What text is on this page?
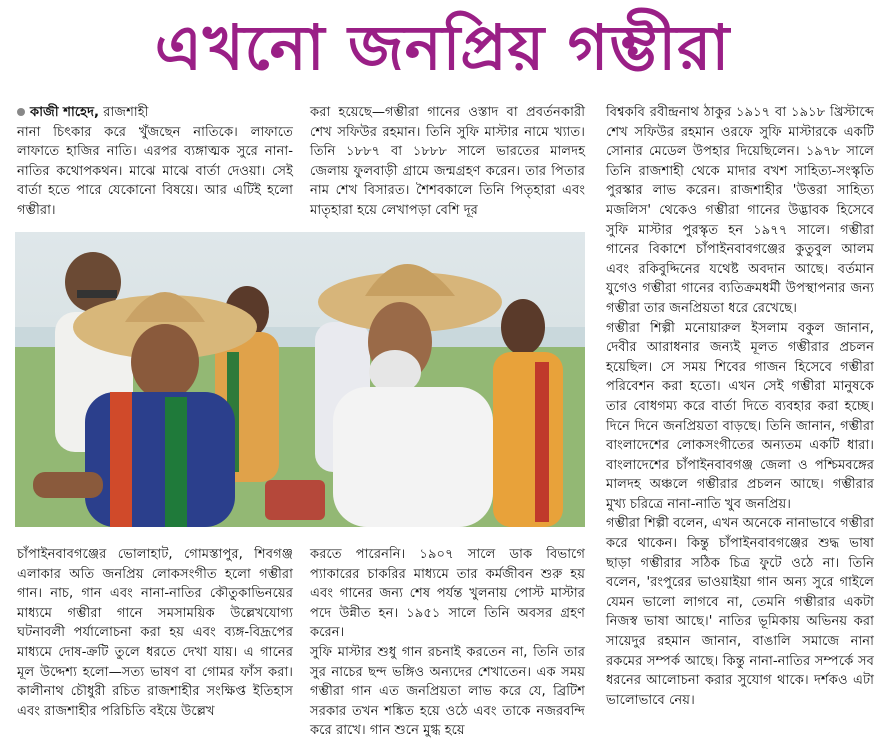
এখনো জনপ্রিয় গম্ভীরা

কাজী শাহেদ, রাজশাহী

নানা চিৎকার করে খুঁজছেন নাতিকে। লাফাতে লাফাতে হাজির নাতি। এরপর ব্যঙ্গাত্মক সুরে নানা-নাতির কথোপকথন। মাঝে মাঝে বার্তা দেওয়া। সেই বার্তা হতে পারে যেকোনো বিষয়ে। আর এটিই হলো গম্ভীরা।

করা হয়েছে—গম্ভীরা গানের ওস্তাদ বা প্রবর্তনকারী শেখ সফিউর রহমান। তিনি সুফি মাস্টার নামে খ্যাত। তিনি ১৮৮৭ বা ১৮৮৮ সালে ভারতের মালদহ জেলায় ফুলবাড়ী গ্রামে জন্মগ্রহণ করেন। তার পিতার নাম শেখ বিসারত। শৈশবকালে তিনি পিতৃহারা এবং মাতৃহারা হয়ে লেখাপড়া বেশি দূর

চাঁপাইনবাবগঞ্জের ভোলাহাট, গোমস্তাপুর, শিবগঞ্জ এলাকার অতি জনপ্রিয় লোকসংগীত হলো গম্ভীরা গান। নাচ, গান এবং নানা-নাতির কৌতুকাভিনয়ের মাধ্যমে গম্ভীরা গানে সমসাময়িক উল্লেখযোগ্য ঘটনাবলী পর্যালোচনা করা হয় এবং ব্যঙ্গ-বিদ্রূপের মাধ্যমে দোষ-ক্রটি তুলে ধরতে দেখা যায়। এ গানের মূল উদ্দেশ্য হলো—সত্য ভাষণ বা গোমর ফাঁস করা। কালীনাথ চৌধুরী রচিত রাজশাহীর সংক্ষিপ্ত ইতিহাস এবং রাজশাহীর পরিচিতি বইয়ে উল্লেখ

করতে পারেননি। ১৯০৭ সালে ডাক বিভাগে প্যাকারের চাকরির মাধ্যমে তার কর্মজীবন শুরু হয় এবং গানের জন্য শেষ পর্যন্ত খুলনায় পোস্ট মাস্টার পদে উন্নীত হন। ১৯৫১ সালে তিনি অবসর গ্রহণ করেন।

সুফি মাস্টার শুধু গান রচনাই করতেন না, তিনি তার সুর নাচের ছন্দ ভঙ্গিও অন্যদের শেখাতেন। এক সময় গম্ভীরা গান এত জনপ্রিয়তা লাভ করে যে, ব্রিটিশ সরকার তখন শঙ্কিত হয়ে ওঠে এবং তাকে নজরবন্দি করে রাখে। গান শুনে মুগ্ধ হয়ে

বিশ্বকবি রবীন্দ্রনাথ ঠাকুর ১৯১৭ বা ১৯১৮ খ্রিস্টাব্দে শেখ সফিউর রহমান ওরফে সুফি মাস্টারকে একটি সোনার মেডেল উপহার দিয়েছিলেন। ১৯৭৮ সালে তিনি রাজশাহী থেকে মাদার বখশ সাহিত্য-সংস্কৃতি পুরস্কার লাভ করেন। রাজশাহীর 'উত্তরা সাহিত্য মজলিস' থেকেও গম্ভীরা গানের উদ্ভাবক হিসেবে সুফি মাস্টার পুরস্কৃত হন ১৯৭৭ সালে। গম্ভীরা গানের বিকাশে চাঁপাইনবাবগঞ্জের কুতুবুল আলম এবং রকিবুদ্দিনের যথেষ্ট অবদান আছে। বর্তমান যুগেও গম্ভীরা গানের ব্যতিক্রমধর্মী উপস্থাপনার জন্য গম্ভীরা তার জনপ্রিয়তা ধরে রেখেছে।

গম্ভীরা শিল্পী মনোয়ারুল ইসলাম বকুল জানান, দেবীর আরাধনার জন্যই মূলত গম্ভীরার প্রচলন হয়েছিল। সে সময় শিবের গাজন হিসেবে গম্ভীরা পরিবেশন করা হতো। এখন সেই গম্ভীরা মানুষকে তার বোধগম্য করে বার্তা দিতে ব্যবহার করা হচ্ছে। দিনে দিনে জনপ্রিয়তা বাড়ছে। তিনি জানান, গম্ভীরা বাংলাদেশের লোকসংগীতের অন্যতম একটি ধারা। বাংলাদেশের চাঁপাইনবাবগঞ্জ জেলা ও পশ্চিমবঙ্গের মালদহ অঞ্চলে গম্ভীরার প্রচলন আছে। গম্ভীরার মুখ্য চরিত্রে নানা-নাতি খুব জনপ্রিয়।

গম্ভীরা শিল্পী বলেন, এখন অনেকে নানাভাবে গম্ভীরা করে থাকেন। কিন্তু চাঁপাইনবাবগঞ্জের শুদ্ধ ভাষা ছাড়া গম্ভীরার সঠিক চিত্র ফুটে ওঠে না। তিনি বলেন, 'রংপুরের ভাওয়াইয়া গান অন্য সুরে গাইলে যেমন ভালো লাগবে না, তেমনি গম্ভীরার একটা নিজস্ব ভাষা আছে।' নাতির ভূমিকায় অভিনয় করা সায়েদুর রহমান জানান, বাঙালি সমাজে নানা রকমের সম্পর্ক আছে। কিন্তু নানা-নাতির সম্পর্কে সব ধরনের আলোচনা করার সুযোগ থাকে। দর্শকও এটা ভালোভাবে নেয়।
